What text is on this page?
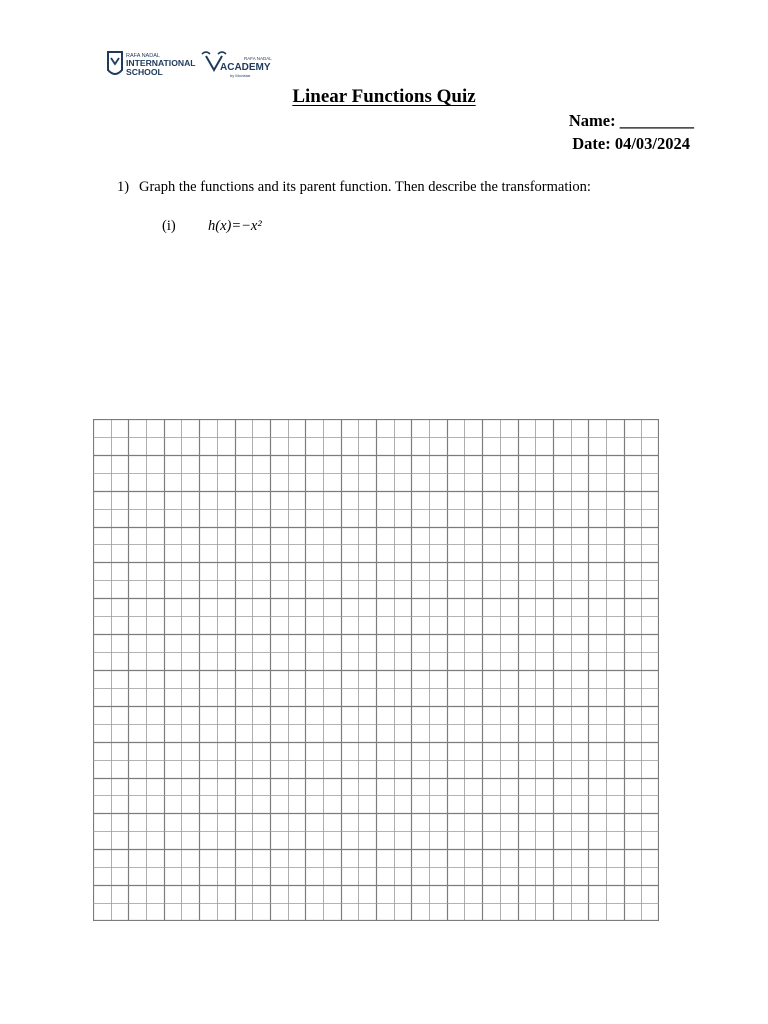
RAFA NADAL
INTERNATIONAL
SCHOOL
RAFA NADAL
ACADEMY
by Movistar
Linear Functions Quiz
Name: _________
Date: 04/03/2024
1) Graph the functions and its parent function. Then describe the transformation:
(i) h(x)=−x²
